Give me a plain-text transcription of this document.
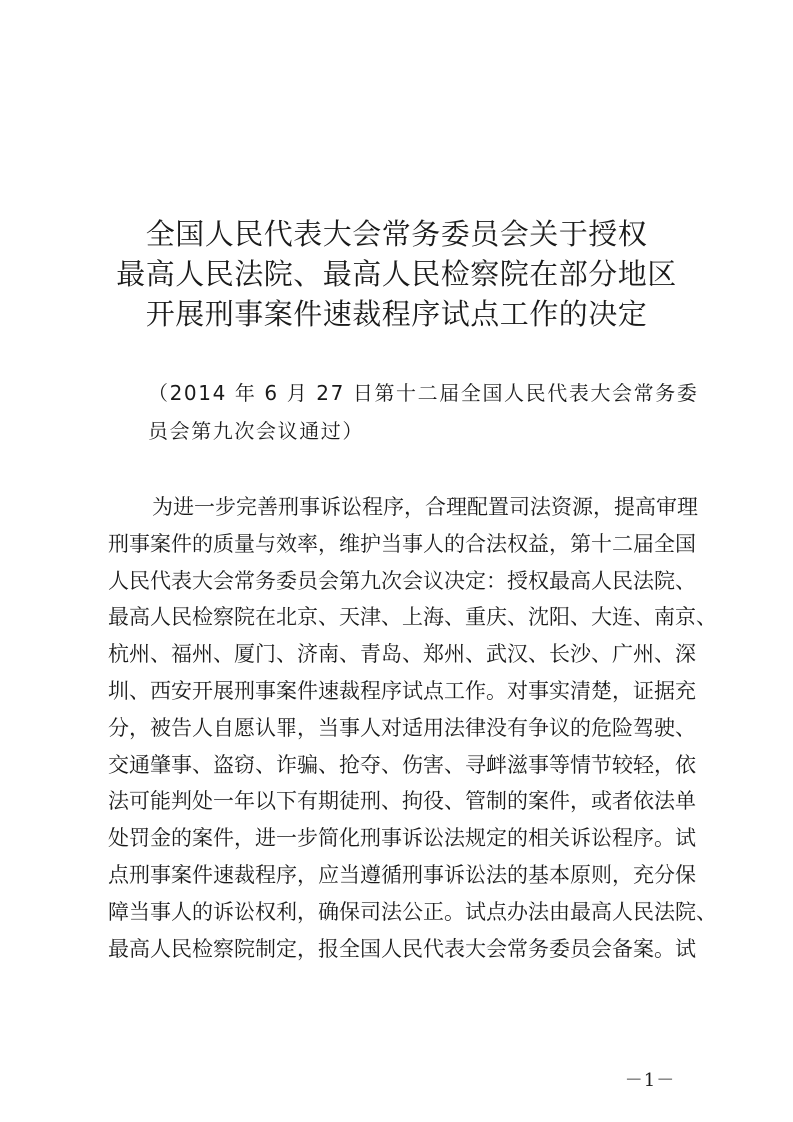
全国人民代表大会常务委员会关于授权
最高人民法院、最高人民检察院在部分地区
开展刑事案件速裁程序试点工作的决定
（2014 年 6 月 27 日第十二届全国人民代表大会常务委
员会第九次会议通过）
为进一步完善刑事诉讼程序，合理配置司法资源，提高审理
刑事案件的质量与效率，维护当事人的合法权益，第十二届全国
人民代表大会常务委员会第九次会议决定：授权最高人民法院、
最高人民检察院在北京、天津、上海、重庆、沈阳、大连、南京、
杭州、福州、厦门、济南、青岛、郑州、武汉、长沙、广州、深
圳、西安开展刑事案件速裁程序试点工作。对事实清楚，证据充
分，被告人自愿认罪，当事人对适用法律没有争议的危险驾驶、
交通肇事、盗窃、诈骗、抢夺、伤害、寻衅滋事等情节较轻，依
法可能判处一年以下有期徒刑、拘役、管制的案件，或者依法单
处罚金的案件，进一步简化刑事诉讼法规定的相关诉讼程序。试
点刑事案件速裁程序，应当遵循刑事诉讼法的基本原则，充分保
障当事人的诉讼权利，确保司法公正。试点办法由最高人民法院、
最高人民检察院制定，报全国人民代表大会常务委员会备案。试
－1－
